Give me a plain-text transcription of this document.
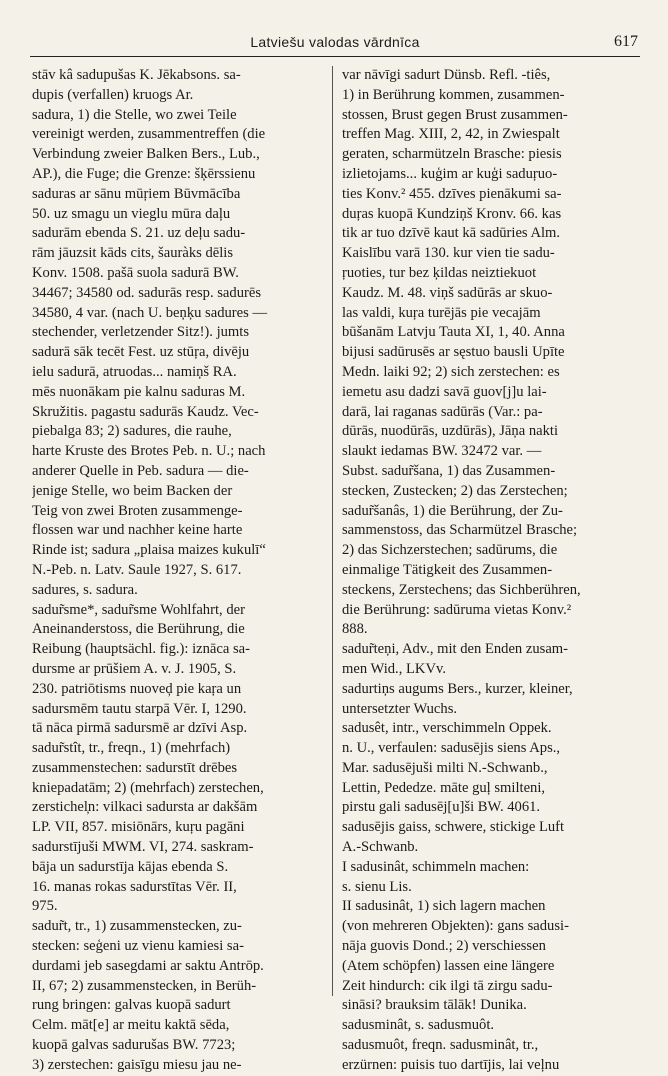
Latviešu valodas vārdnīca	617
stāv kâ sadupušas K. Jēkabsons. sa-
dupis (verfallen) kruogs Ar.
sadura, 1) die Stelle, wo zwei Teile
vereinigt werden, zusammentreffen (die
Verbindung zweier Balken Bers., Lub.,
AP.), die Fuge; die Grenze: šķērssienu
saduras ar sānu mūŗiem Būvmācība
50. uz smagu un vieglu mūra daļu
sadurām ebenda S. 21. uz deļu sadu-
rām jāuzsit kāds cits, šauràks dēlis
Konv. 1508. pašā suola sadurā BW.
34467; 34580 od. sadurās resp. sadurēs
34580, 4 var. (nach U. beņķu sadures —
stechender, verletzender Sitz!). jumts
sadurā sāk tecēt Fest. uz stūŗa, divēju
ielu sadurā, atruodas... namiņš RA.
mēs nuonākam pie kalnu saduras M.
Skružitis. pagastu sadurās Kaudz. Vec-
piebalga 83; 2) sadures, die rauhe,
harte Kruste des Brotes Peb. n. U.; nach
anderer Quelle in Peb. sadura — die-
jenige Stelle, wo beim Backen der
Teig von zwei Broten zusammenge-
flossen war und nachher keine harte
Rinde ist; sadura „plaisa maizes kukulī“
N.-Peb. n. Latv. Saule 1927, S. 617.
sadures, s. sadura.
sadur̃sme*, sadur̃sme Wohlfahrt, der
Aneinanderstoss, die Berührung, die
Reibung (hauptsächl. fig.): iznāca sa-
dursme ar prūšiem A. v. J. 1905, S.
230. patriōtisms nuoveḑ pie kaŗa un
sadursmēm tautu starpā Vēr. I, 1290.
tā nāca pirmā sadursmē ar dzīvi Asp.
sadur̃stît, tr., freqn., 1) (mehrfach)
zusammenstechen: sadurstīt drēbes
kniepadatām; 2) (mehrfach) zerstechen,
zerstichel̦n: vilkaci sadursta ar dakšām
LP. VII, 857. misiōnārs, kuŗu pagāni
sadurstījuši MWM. VI, 274. saskram-
bāja un sadurstīja kājas ebenda S.
16. manas rokas sadurstītas Vēr. II,
975.
sadur̃t, tr., 1) zusammenstecken, zu-
stecken: seģeni uz vienu kamiesi sa-
durdami jeb sasegdami ar saktu Antrōp.
II, 67; 2) zusammenstecken, in Berüh-
rung bringen: galvas kuopā sadurt
Celm. māt[e] ar meitu kaktā sēda,
kuopā galvas sadurušas BW. 7723;
3) zerstechen: gaisīgu miesu jau ne-
var nāvīgi sadurt Dünsb. Refl. -tiês,
1) in Berührung kommen, zusammen-
stossen, Brust gegen Brust zusammen-
treffen Mag. XIII, 2, 42, in Zwiespalt
geraten, scharmützeln Brasche: piesis
izlietojams... kuģim ar kuģi saduŗuo-
ties Konv.² 455. dzīves pienākumi sa-
duŗas kuopā Kundziņš Kronv. 66. kas
tik ar tuo dzīvē kaut kā sadūries Alm.
Kaislību varā 130. kur vien tie sadu-
ŗuoties, tur bez ķildas neiztiekuot
Kaudz. M. 48. viņš sadūrās ar skuo-
las valdi, kuŗa turējās pie vecajām
būšanām Latvju Tauta XI, 1, 40. Anna
bijusi sadūrusēs ar sęstuo bausli Upīte
Medn. laiki 92; 2) sich zerstechen: es
iemetu asu dadzi savā guov[j]u lai-
darā, lai raganas sadūrās (Var.: pa-
dūrās, nuodūrās, uzdūrās), Jāņa nakti
slaukt iedamas BW. 32472 var. —
Subst. sadur̃šana, 1) das Zusammen-
stecken, Zustecken; 2) das Zerstechen;
sadur̃šanâs, 1) die Berührung, der Zu-
sammenstoss, das Scharmützel Brasche;
2) das Sichzerstechen; sadūrums, die
einmalige Tätigkeit des Zusammen-
steckens, Zerstechens; das Sichberühren,
die Berührung: sadūruma vietas Konv.²
888.
sadur̃teņi, Adv., mit den Enden zusam-
men Wid., LKVv.
sadurtiņs augums Bers., kurzer, kleiner,
untersetzter Wuchs.
sadusêt, intr., verschimmeln Oppek.
n. U., verfaulen: sadusējis siens Aps.,
Mar. sadusējuši milti N.-Schwanb.,
Lettin, Pededze. māte guļ smilteni,
pirstu gali sadusēj[u]ši BW. 4061.
sadusējis gaiss, schwere, stickige Luft
A.-Schwanb.
I sadusinât, schimmeln machen:
s. sienu Lis.
II sadusinât, 1) sich lagern machen
(von mehreren Objekten): gans sadusi-
nāja guovis Dond.; 2) verschiessen
(Atem schöpfen) lassen eine längere
Zeit hindurch: cik ilgi tā zirgu sadu-
sināsi? brauksim tālāk! Dunika.
sadusminât, s. sadusmuôt.
sadusmuôt, freqn. sadusminât, tr.,
erzürnen: puisis tuo dartījis, lai veļnu
